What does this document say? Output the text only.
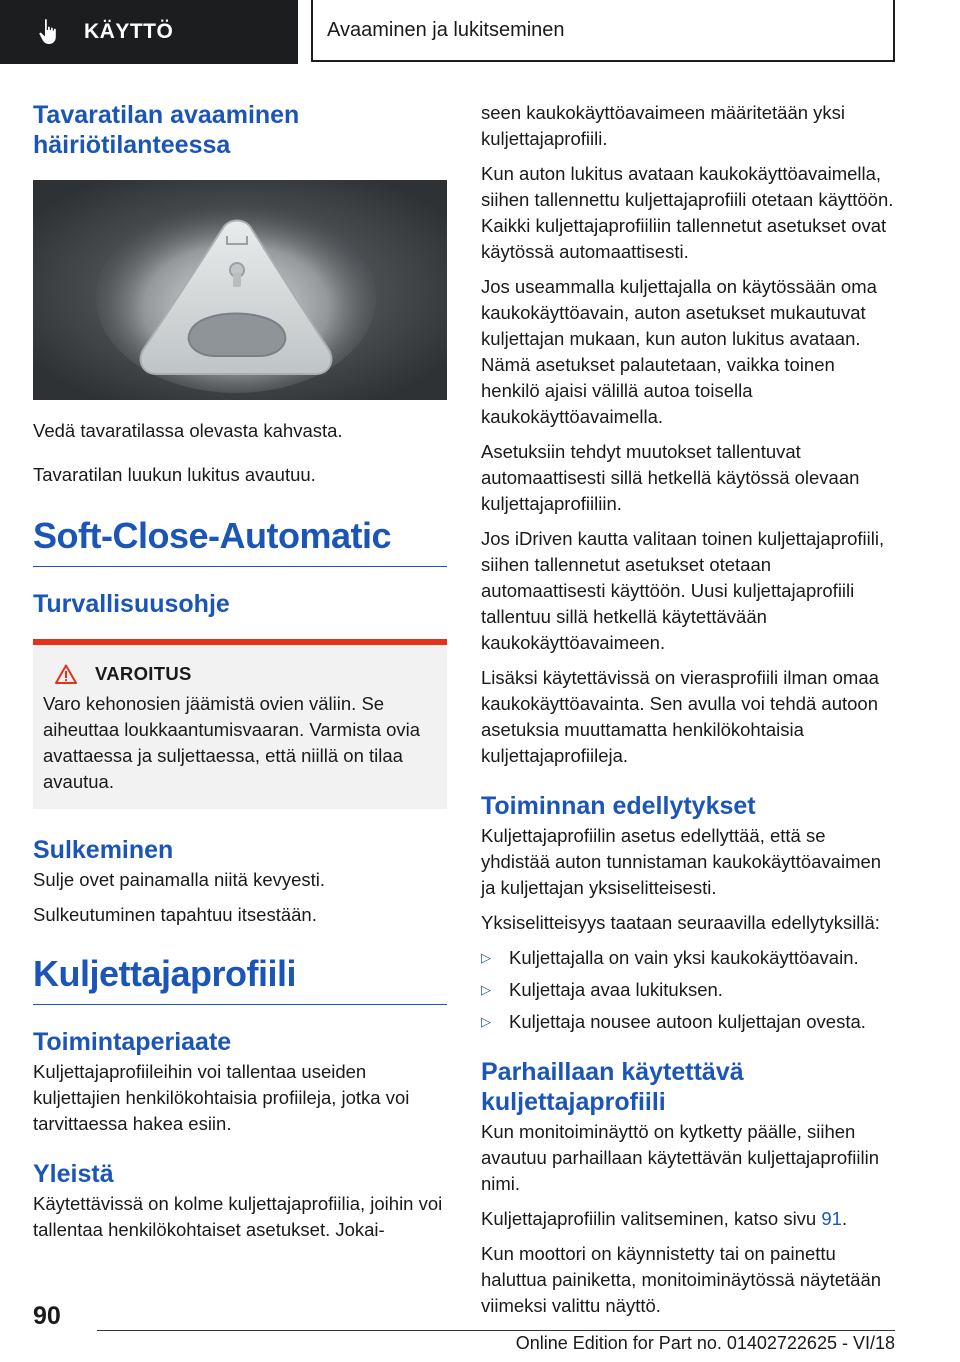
KÄYTTÖ	Avaaminen ja lukitseminen
Tavaratilan avaaminen häiriötilanteessa

Vedä tavaratilassa olevasta kahvasta.

Tavaratilan luukun lukitus avautuu.

Soft-Close-Automatic
Turvallisuusohje
VAROITUS

Varo kehonosien jäämistä ovien väliin. Se aiheuttaa loukkaantumisvaaran. Varmista ovia avattaessa ja suljettaessa, että niillä on tilaa avautua.

Sulkeminen

Sulje ovet painamalla niitä kevyesti.

Sulkeutuminen tapahtuu itsestään.

Kuljettajaprofiili
Toimintaperiaate

Kuljettajaprofiileihin voi tallentaa useiden kuljettajien henkilökohtaisia profiileja, jotka voi tarvittaessa hakea esiin.

Yleistä

Käytettävissä on kolme kuljettajaprofiilia, joihin voi tallentaa henkilökohtaiset asetukset. Jokai-

seen kaukokäyttöavaimeen määritetään yksi kuljettajaprofiili.

Kun auton lukitus avataan kaukokäyttöavaimella, siihen tallennettu kuljettajaprofiili otetaan käyttöön. Kaikki kuljettajaprofiiliin tallennetut asetukset ovat käytössä automaattisesti.

Jos useammalla kuljettajalla on käytössään oma kaukokäyttöavain, auton asetukset mukautuvat kuljettajan mukaan, kun auton lukitus avataan. Nämä asetukset palautetaan, vaikka toinen henkilö ajaisi välillä autoa toisella kaukokäyttöavaimella.

Asetuksiin tehdyt muutokset tallentuvat automaattisesti sillä hetkellä käytössä olevaan kuljettajaprofiiliin.

Jos iDriven kautta valitaan toinen kuljettajaprofiili, siihen tallennetut asetukset otetaan automaattisesti käyttöön. Uusi kuljettajaprofiili tallentuu sillä hetkellä käytettävään kaukokäyttöavaimeen.

Lisäksi käytettävissä on vierasprofiili ilman omaa kaukokäyttöavainta. Sen avulla voi tehdä autoon asetuksia muuttamatta henkilökohtaisia kuljettajaprofiileja.

Toiminnan edellytykset

Kuljettajaprofiilin asetus edellyttää, että se yhdistää auton tunnistaman kaukokäyttöavaimen ja kuljettajan yksiselitteisesti.

Yksiselitteisyys taataan seuraavilla edellytyksillä:

▷ Kuljettajalla on vain yksi kaukokäyttöavain.
▷ Kuljettaja avaa lukituksen.
▷ Kuljettaja nousee autoon kuljettajan ovesta.
Parhaillaan käytettävä kuljettajaprofiili

Kun monitoiminäyttö on kytketty päälle, siihen avautuu parhaillaan käytettävän kuljettajaprofiilin nimi.

Kuljettajaprofiilin valitseminen, katso sivu 91.

Kun moottori on käynnistetty tai on painettu haluttua painiketta, monitoiminäytössä näytetään viimeksi valittu näyttö.

90
Online Edition for Part no. 01402722625 - VI/18
